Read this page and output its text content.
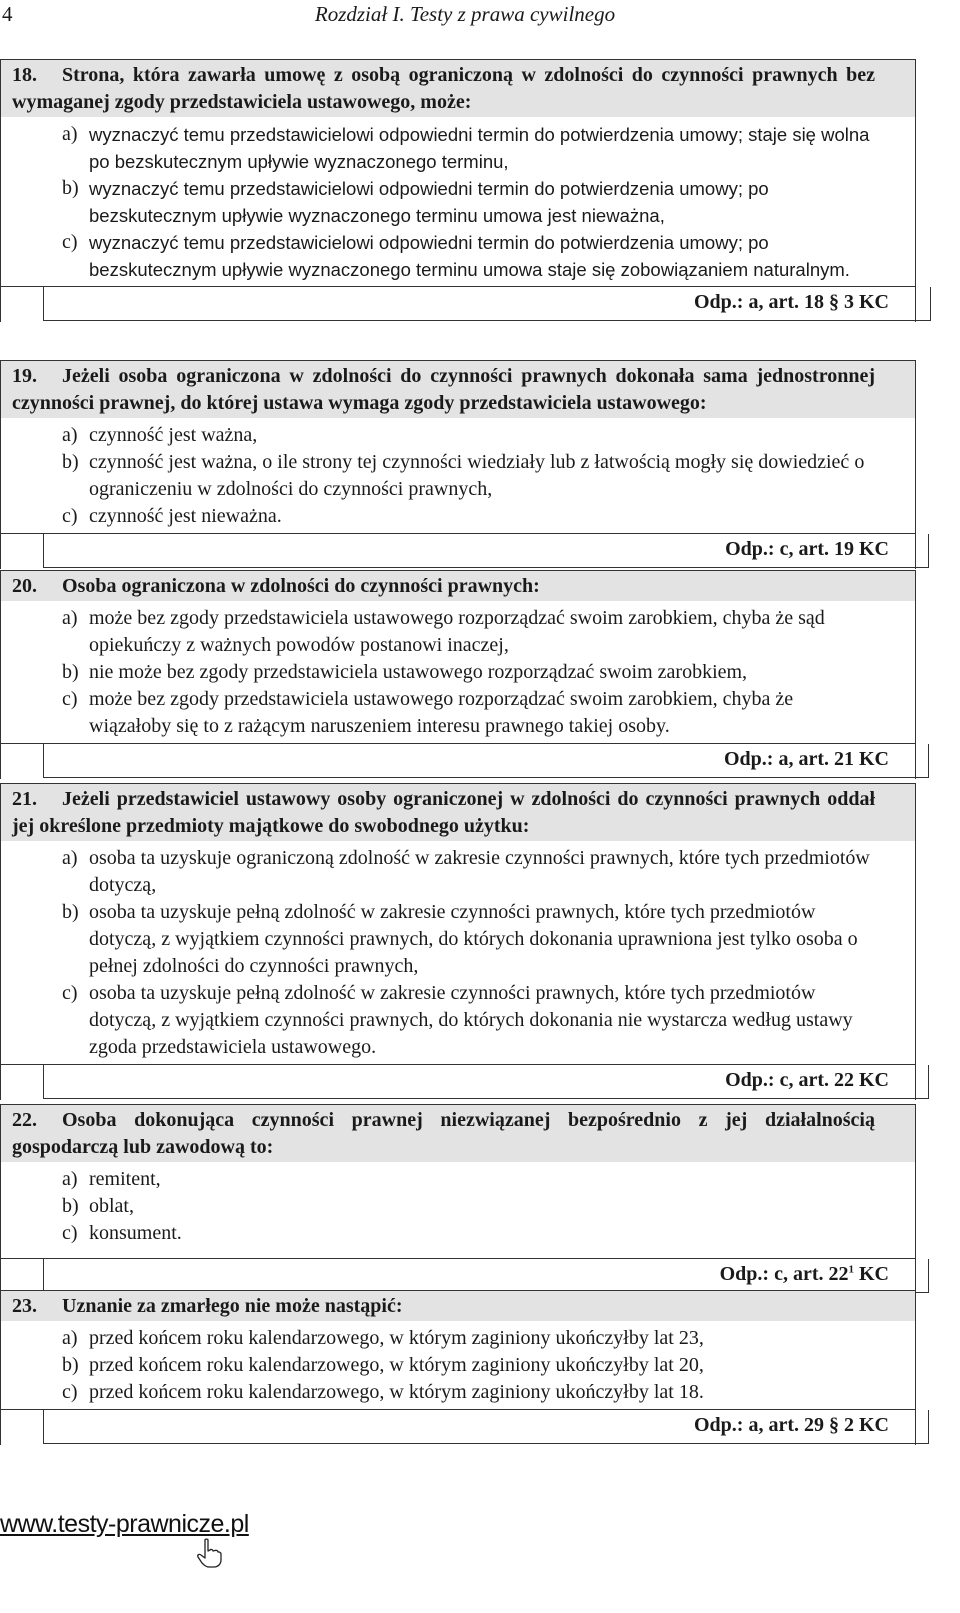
4	Rozdział I. Testy z prawa cywilnego
18. Strona, która zawarła umowę z osobą ograniczoną w zdolności do czynności prawnych bez wymaganej zgody przedstawiciela ustawowego, może:
a) wyznaczyć temu przedstawicielowi odpowiedni termin do potwierdzenia umowy; staje się wolna po bezskutecznym upływie wyznaczonego terminu,
b) wyznaczyć temu przedstawicielowi odpowiedni termin do potwierdzenia umowy; po bezskutecznym upływie wyznaczonego terminu umowa jest nieważna,
c) wyznaczyć temu przedstawicielowi odpowiedni termin do potwierdzenia umowy; po bezskutecznym upływie wyznaczonego terminu umowa staje się zobowiązaniem naturalnym.
Odp.: a, art. 18 § 3 KC
19. Jeżeli osoba ograniczona w zdolności do czynności prawnych dokonała sama jednostronnej czynności prawnej, do której ustawa wymaga zgody przedstawiciela ustawowego:
a) czynność jest ważna,
b) czynność jest ważna, o ile strony tej czynności wiedziały lub z łatwością mogły się dowiedzieć o ograniczeniu w zdolności do czynności prawnych,
c) czynność jest nieważna.
Odp.: c, art. 19 KC
20. Osoba ograniczona w zdolności do czynności prawnych:
a) może bez zgody przedstawiciela ustawowego rozporządzać swoim zarobkiem, chyba że sąd opiekuńczy z ważnych powodów postanowi inaczej,
b) nie może bez zgody przedstawiciela ustawowego rozporządzać swoim zarobkiem,
c) może bez zgody przedstawiciela ustawowego rozporządzać swoim zarobkiem, chyba że wiązałoby się to z rażącym naruszeniem interesu prawnego takiej osoby.
Odp.: a, art. 21 KC
21. Jeżeli przedstawiciel ustawowy osoby ograniczonej w zdolności do czynności prawnych oddał jej określone przedmioty majątkowe do swobodnego użytku:
a) osoba ta uzyskuje ograniczoną zdolność w zakresie czynności prawnych, które tych przedmiotów dotyczą,
b) osoba ta uzyskuje pełną zdolność w zakresie czynności prawnych, które tych przedmiotów dotyczą, z wyjątkiem czynności prawnych, do których dokonania uprawniona jest tylko osoba o pełnej zdolności do czynności prawnych,
c) osoba ta uzyskuje pełną zdolność w zakresie czynności prawnych, które tych przedmiotów dotyczą, z wyjątkiem czynności prawnych, do których dokonania nie wystarcza według ustawy zgoda przedstawiciela ustawowego.
Odp.: c, art. 22 KC
22. Osoba dokonująca czynności prawnej niezwiązanej bezpośrednio z jej działalnością gospodarczą lub zawodową to:
a) remitent,
b) oblat,
c) konsument.
Odp.: c, art. $22^1$ KC
23. Uznanie za zmarłego nie może nastąpić:
a) przed końcem roku kalendarzowego, w którym zaginiony ukończyłby lat 23,
b) przed końcem roku kalendarzowego, w którym zaginiony ukończyłby lat 20,
c) przed końcem roku kalendarzowego, w którym zaginiony ukończyłby lat 18.
Odp.: a, art. 29 § 2 KC
www.testy-prawnicze.pl
